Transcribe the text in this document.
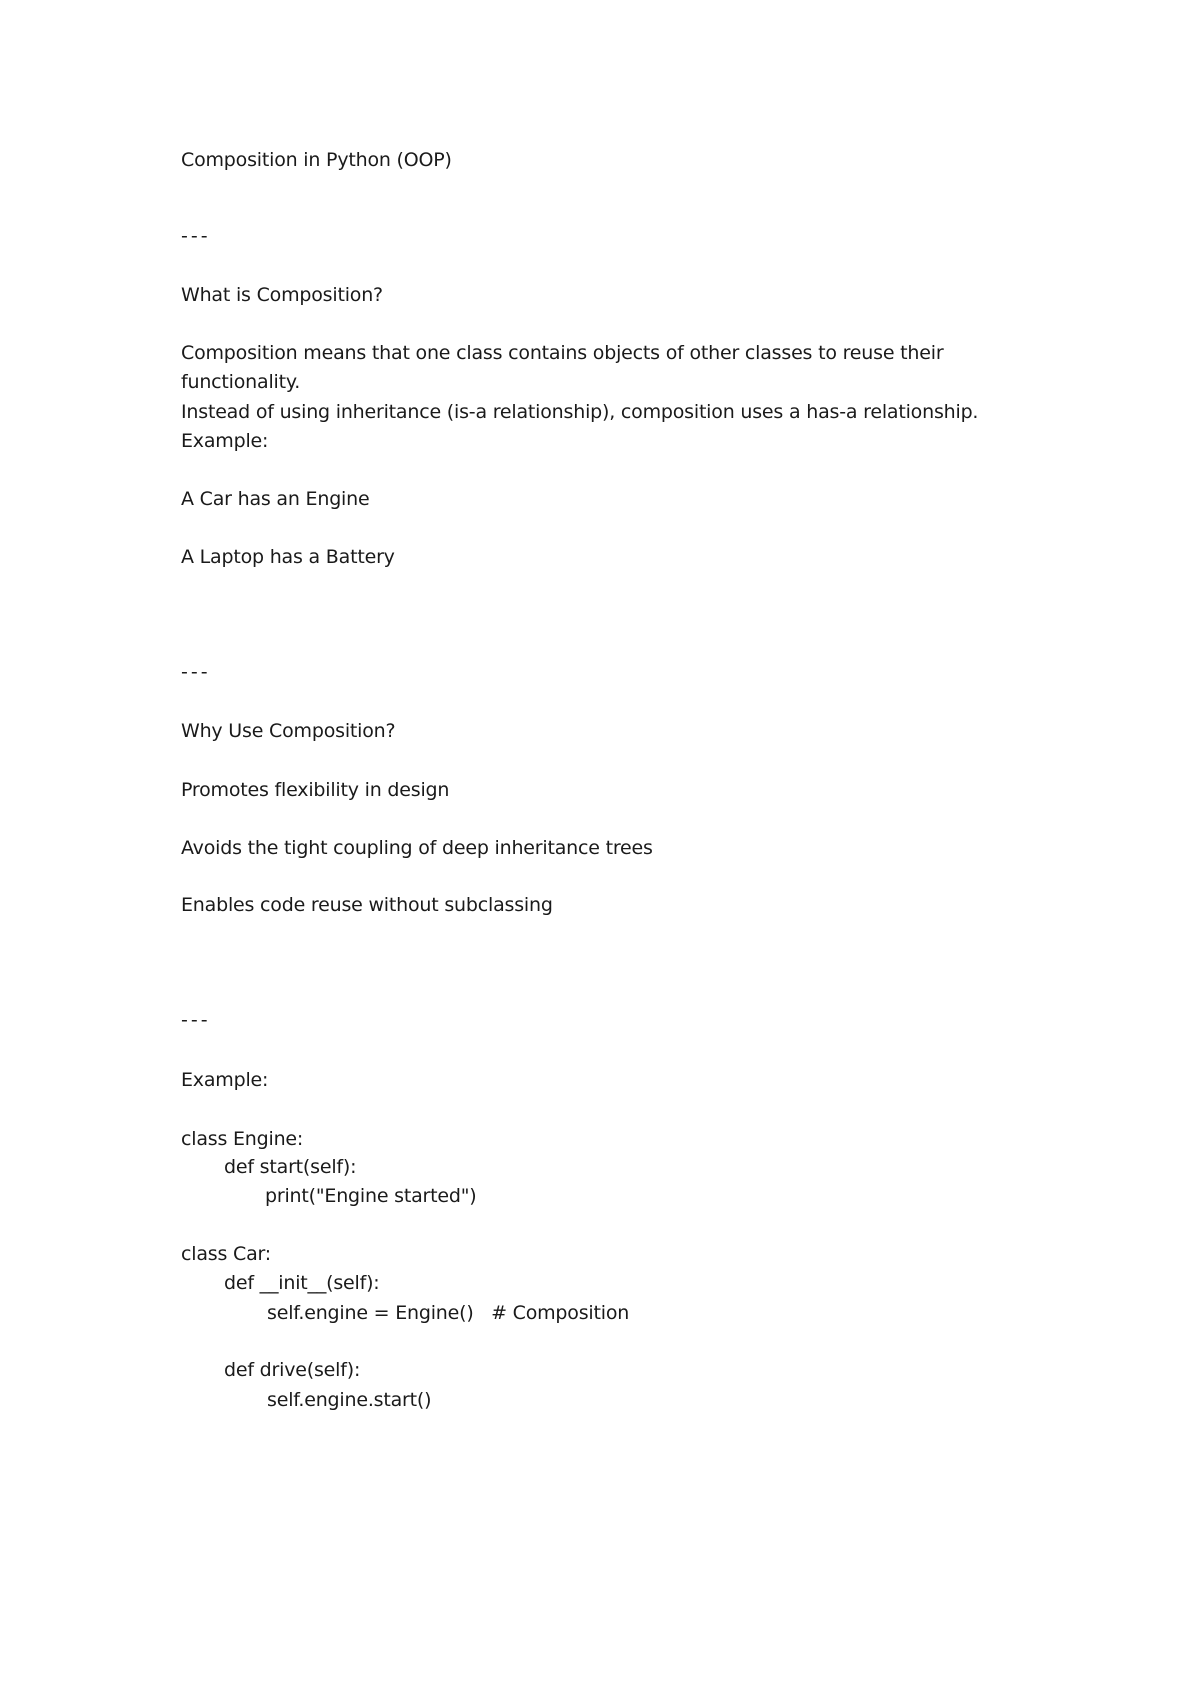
Composition in Python (OOP)

---

What is Composition?

Composition means that one class contains objects of other classes to reuse their

functionality.

Instead of using inheritance (is-a relationship), composition uses a has-a relationship.

Example:

A Car has an Engine

A Laptop has a Battery

---

Why Use Composition?

Promotes flexibility in design

Avoids the tight coupling of deep inheritance trees

Enables code reuse without subclassing

---

Example:

class Engine:

def start(self):

print("Engine started")

class Car:

def __init__(self):

self.engine = Engine()   # Composition

def drive(self):

self.engine.start()
